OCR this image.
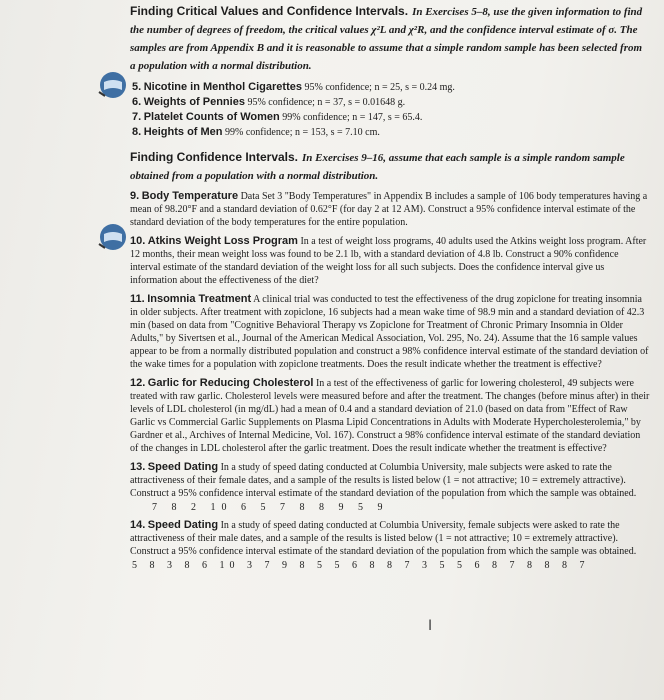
Finding Critical Values and Confidence Intervals. In Exercises 5–8, use the given information to find the number of degrees of freedom, the critical values χ²L and χ²R, and the confidence interval estimate of σ. The samples are from Appendix B and it is reasonable to assume that a simple random sample has been selected from a population with a normal distribution.
5. Nicotine in Menthol Cigarettes 95% confidence; n = 25, s = 0.24 mg.
6. Weights of Pennies 95% confidence; n = 37, s = 0.01648 g.
7. Platelet Counts of Women 99% confidence; n = 147, s = 65.4.
8. Heights of Men 99% confidence; n = 153, s = 7.10 cm.
Finding Confidence Intervals. In Exercises 9–16, assume that each sample is a simple random sample obtained from a population with a normal distribution.
9. Body Temperature Data Set 3 "Body Temperatures" in Appendix B includes a sample of 106 body temperatures having a mean of 98.20°F and a standard deviation of 0.62°F (for day 2 at 12 AM). Construct a 95% confidence interval estimate of the standard deviation of the body temperatures for the entire population.
10. Atkins Weight Loss Program In a test of weight loss programs, 40 adults used the Atkins weight loss program. After 12 months, their mean weight loss was found to be 2.1 lb, with a standard deviation of 4.8 lb. Construct a 90% confidence interval estimate of the standard deviation of the weight loss for all such subjects. Does the confidence interval give us information about the effectiveness of the diet?
11. Insomnia Treatment A clinical trial was conducted to test the effectiveness of the drug zopiclone for treating insomnia in older subjects. After treatment with zopiclone, 16 subjects had a mean wake time of 98.9 min and a standard deviation of 42.3 min (based on data from "Cognitive Behavioral Therapy vs Zopiclone for Treatment of Chronic Primary Insomnia in Older Adults," by Sivertsen et al., Journal of the American Medical Association, Vol. 295, No. 24). Assume that the 16 sample values appear to be from a normally distributed population and construct a 98% confidence interval estimate of the standard deviation of the wake times for a population with zopiclone treatments. Does the result indicate whether the treatment is effective?
12. Garlic for Reducing Cholesterol In a test of the effectiveness of garlic for lowering cholesterol, 49 subjects were treated with raw garlic. Cholesterol levels were measured before and after the treatment. The changes (before minus after) in their levels of LDL cholesterol (in mg/dL) had a mean of 0.4 and a standard deviation of 21.0 (based on data from "Effect of Raw Garlic vs Commercial Garlic Supplements on Plasma Lipid Concentrations in Adults with Moderate Hypercholesterolemia," by Gardner et al., Archives of Internal Medicine, Vol. 167). Construct a 98% confidence interval estimate of the standard deviation of the changes in LDL cholesterol after the garlic treatment. Does the result indicate whether the treatment is effective?
13. Speed Dating In a study of speed dating conducted at Columbia University, male subjects were asked to rate the attractiveness of their female dates, and a sample of the results is listed below (1 = not attractive; 10 = extremely attractive). Construct a 95% confidence interval estimate of the standard deviation of the population from which the sample was obtained.
7 8 2 10 6 5 7 8 8 9 5 9
14. Speed Dating In a study of speed dating conducted at Columbia University, female subjects were asked to rate the attractiveness of their male dates, and a sample of the results is listed below (1 = not attractive; 10 = extremely attractive). Construct a 95% confidence interval estimate of the standard deviation of the population from which the sample was obtained.
5 8 3 8 6 10 3 7 9 8 5 5 6 8 8 7 3 5 5 6 8 7 8 8 8 7
I
